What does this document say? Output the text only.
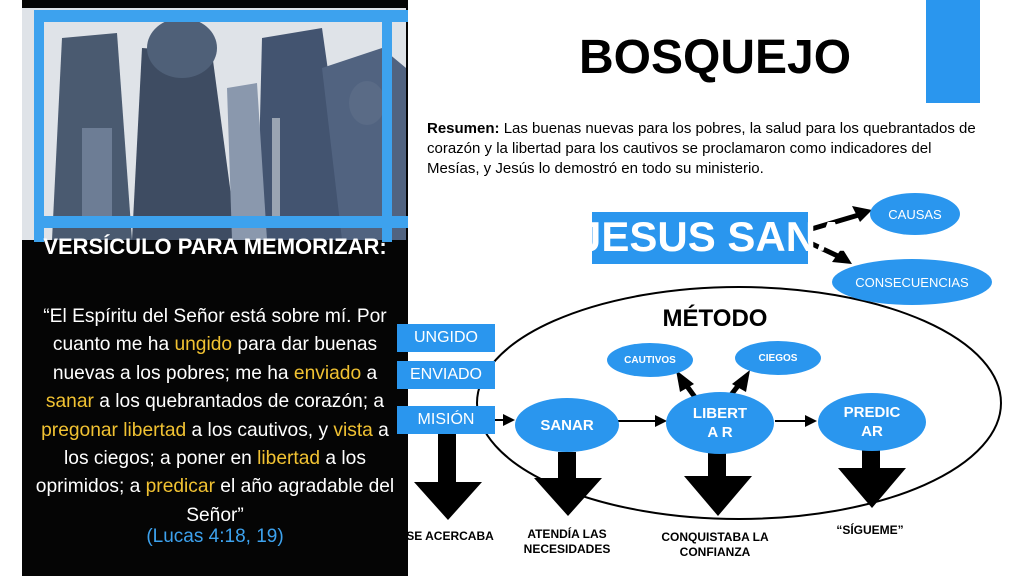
VERSÍCULO PARA MEMORIZAR:
“El Espíritu del Señor está sobre mí. Por cuanto me ha ungido para dar buenas nuevas a los pobres; me ha enviado a sanar a los quebrantados de corazón; a pregonar libertad a los cautivos, y vista a los ciegos; a poner en libertad a los oprimidos; a predicar el año agradable del Señor”
(Lucas 4:18, 19)
BOSQUEJO
Resumen: Las buenas nuevas para los pobres, la salud para los quebrantados de corazón y la libertad para los cautivos se proclamaron como indicadores del Mesías, y Jesús lo demostró en todo su ministerio.
JESUS SANA	CAUSAS
CONSECUENCIAS
MÉTODO
UNGIDO
ENVIADO
MISIÓN	SANAR
LIBERTA R
PREDIC AR
CAUTIVOS	CIEGOS
SE ACERCABA	ATENDÍA LAS NECESIDADES
CONQUISTABA LA CONFIANZA
“SÍGUEME”
